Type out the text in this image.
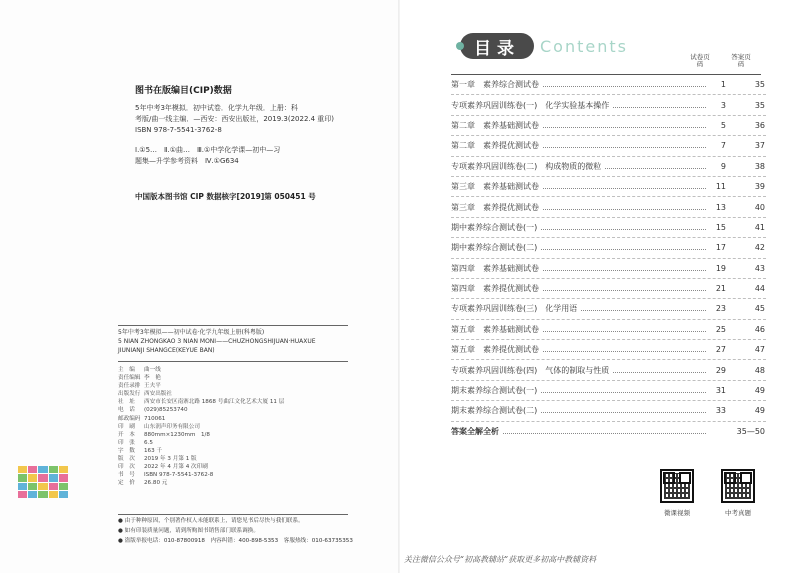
图书在版编目(CIP)数据

5年中考3年模拟．初中试卷．化学九年级．上册：科

考版/曲一线主编．—西安：西安出版社，2019.3(2022.4 重印)

ISBN 978-7-5541-3762-8

Ⅰ.①5…　Ⅱ.①曲…　Ⅲ.①中学化学课—初中—习

题集—升学参考资料　Ⅳ.①G634

中国版本图书馆 CIP 数据核字[2019]第 050451 号

5年中考3年模拟——初中试卷·化学九年级上册(科粤版)

5 NIAN ZHONGKAO 3 NIAN MONI——CHUZHONGSHIJUAN·HUAXUE

JIUNIANJI SHANGCE(KEYUE BAN)

主　编	曲一线
责任编辑 李　艳
责任录排 王夫平
出版发行 西安出版社
社　址	西安市长安区南寨北路 1868 号曲江文化艺术大厦 11 层
电　话	(029)85253740
邮政编码 710061
印　刷	山东润声印务有限公司
开　本	880mm×1230mm　1/8
印　张	6.5
字　数	163 千
版　次	2019 年 3 月第 1 版
印　次	2022 年 4 月第 4 次印刷
书　号	ISBN 978-7-5541-3762-8
定　价	26.80 元

● 由于种种原因，个别著作权人未能联系上，请您见书后尽快与我们联系。

● 如有印装质量问题，请到所购图书销售部门联系调换。

● 盗版举报电话：010-87800918　内容纠错：400-898-5353　客服热线：010-63735353

目录	Contents
试卷页码
答案页码
第一章　素养综合测试卷	1	35
专项素养巩固训练卷(一) 化学实验基本操作	3	35
第二章　素养基础测试卷	5	36
第二章　素养提优测试卷	7	37
专项素养巩固训练卷(二) 构成物质的微粒	9	38
第三章　素养基础测试卷	11	39
第三章　素养提优测试卷	13	40
期中素养综合测试卷(一)	15	41
期中素养综合测试卷(二)	17	42
第四章　素养基础测试卷	19	43
第四章　素养提优测试卷	21	44
专项素养巩固训练卷(三) 化学用语	23	45
第五章　素养基础测试卷	25	46
第五章　素养提优测试卷	27	47
专项素养巩固训练卷(四) 气体的制取与性质	29	48
期末素养综合测试卷(一)	31	49
期末素养综合测试卷(二)	33	49
答案全解全析	35—50
微课视频	中考真题
关注微信公众号“初高教辅站”获取更多初高中教辅资料
